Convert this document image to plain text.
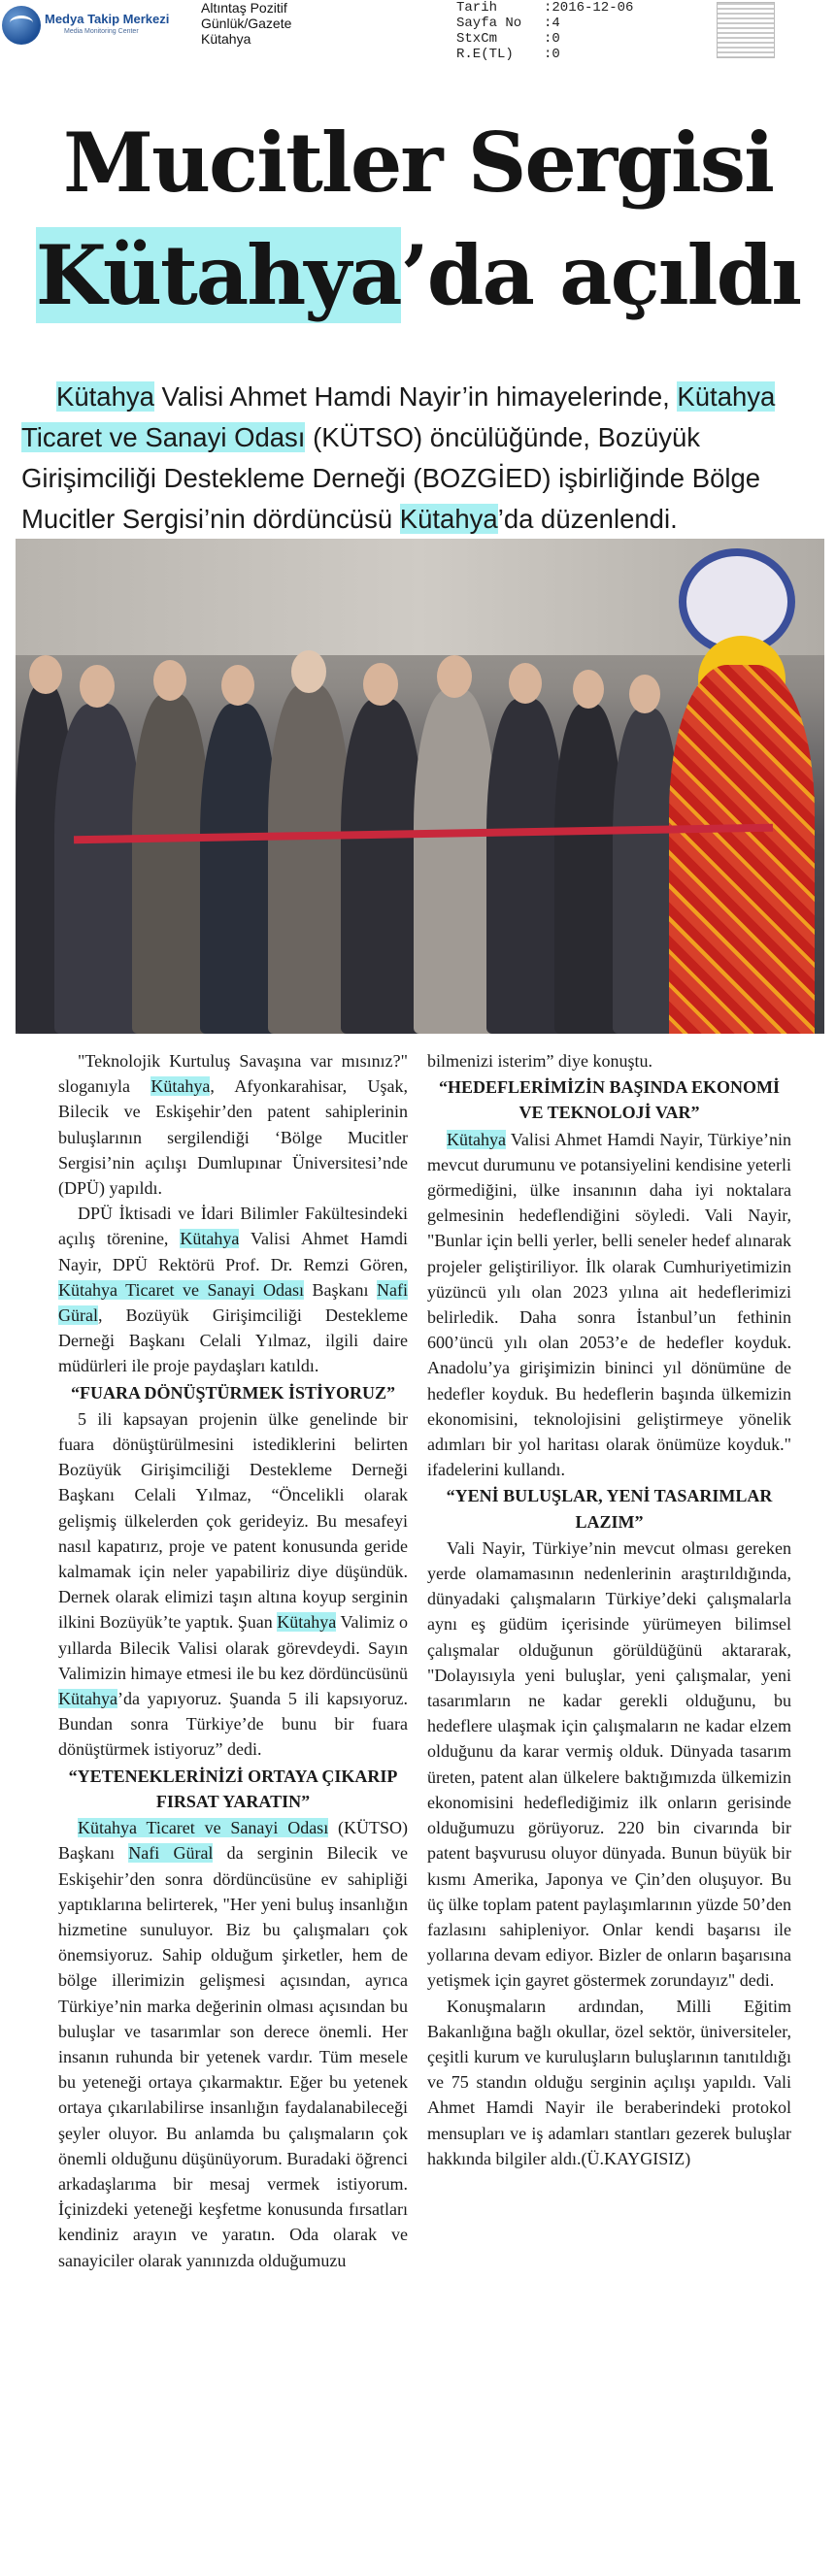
Medya Takip Merkezi
Media Monitoring Center
Altıntaş Pozitif
Günlük/Gazete
Kütahya
Tarih	:2016-12-06
Sayfa No	:4
StxCm	:0
R.E(TL)	:0
Mucitler Sergisi
Kütahya’da açıldı
Kütahya Valisi Ahmet Hamdi Nayir’in himayelerinde, Kütahya Ticaret ve Sanayi Odası (KÜTSO) öncülüğünde, Bozüyük Girişimciliği Destekleme Derneği (BOZGİED) işbirliğinde Bölge Mucitler Sergisi’nin dördüncüsü Kütahya’da düzenlendi.

"Teknolojik Kurtuluş Savaşına var mısınız?" sloganıyla Kütahya, Afyonkarahisar, Uşak, Bilecik ve Eskişehir’den patent sahiplerinin buluşlarının sergilendiği ‘Bölge Mucitler Sergisi’nin açılışı Dumlupınar Üniversitesi’nde (DPÜ) yapıldı.

DPÜ İktisadi ve İdari Bilimler Fakültesindeki açılış törenine, Kütahya Valisi Ahmet Hamdi Nayir, DPÜ Rektörü Prof. Dr. Remzi Gören, Kütahya Ticaret ve Sanayi Odası Başkanı Nafi Güral, Bozüyük Girişimciliği Destekleme Derneği Başkanı Celali Yılmaz, ilgili daire müdürleri ile proje paydaşları katıldı.

“FUARA DÖNÜŞTÜRMEK İSTİYORUZ”

5 ili kapsayan projenin ülke genelinde bir fuara dönüştürülmesini istediklerini belirten Bozüyük Girişimciliği Destekleme Derneği Başkanı Celali Yılmaz, “Öncelikli olarak gelişmiş ülkelerden çok gerideyiz. Bu mesafeyi nasıl kapatırız, proje ve patent konusunda geride kalmamak için neler yapabiliriz diye düşündük. Dernek olarak elimizi taşın altına koyup serginin ilkini Bozüyük’te yaptık. Şuan Kütahya Valimiz o yıllarda Bilecik Valisi olarak görevdeydi. Sayın Valimizin himaye etmesi ile bu kez dördüncüsünü Kütahya’da yapıyoruz. Şuanda 5 ili kapsıyoruz. Bundan sonra Türkiye’de bunu bir fuara dönüştürmek istiyoruz” dedi.

“YETENEKLERİNİZİ ORTAYA ÇIKARIP FIRSAT YARATIN”

Kütahya Ticaret ve Sanayi Odası (KÜTSO) Başkanı Nafi Güral da serginin Bilecik ve Eskişehir’den sonra dördüncüsüne ev sahipliği yaptıklarına belirterek, "Her yeni buluş insanlığın hizmetine sunuluyor. Biz bu çalışmaları çok önemsiyoruz. Sahip olduğum şirketler, hem de bölge illerimizin gelişmesi açısından, ayrıca Türkiye’nin marka değerinin olması açısından bu buluşlar ve tasarımlar son derece önemli. Her insanın ruhunda bir yetenek vardır. Tüm mesele bu yeteneği ortaya çıkarmaktır. Eğer bu yetenek ortaya çıkarılabilirse insanlığın faydalanabileceği şeyler oluyor. Bu anlamda bu çalışmaların çok önemli olduğunu düşünüyorum. Buradaki öğrenci arkadaşlarıma bir mesaj vermek istiyorum. İçinizdeki yeteneği keşfetme konusunda fırsatları kendiniz arayın ve yaratın. Oda olarak ve sanayiciler olarak yanınızda olduğumuzu

bilmenizi isterim” diye konuştu.

“HEDEFLERİMİZİN BAŞINDA EKONOMİ VE TEKNOLOJİ VAR”

Kütahya Valisi Ahmet Hamdi Nayir, Türkiye’nin mevcut durumunu ve potansiyelini kendisine yeterli görmediğini, ülke insanının daha iyi noktalara gelmesinin hedeflendiğini söyledi. Vali Nayir, "Bunlar için belli yerler, belli seneler hedef alınarak projeler geliştiriliyor. İlk olarak Cumhuriyetimizin yüzüncü yılı olan 2023 yılına ait hedeflerimizi belirledik. Daha sonra İstanbul’un fethinin 600’üncü yılı olan 2053’e de hedefler koyduk. Anadolu’ya girişimizin bininci yıl dönümüne de hedefler koyduk. Bu hedeflerin başında ülkemizin ekonomisini, teknolojisini geliştirmeye yönelik adımları bir yol haritası olarak önümüze koyduk." ifadelerini kullandı.

“YENİ BULUŞLAR, YENİ TASARIMLAR LAZIM”

Vali Nayir, Türkiye’nin mevcut olması gereken yerde olamamasının nedenlerinin araştırıldığında, dünyadaki çalışmaların Türkiye’deki çalışmalarla aynı eş güdüm içerisinde yürümeyen bilimsel çalışmalar olduğunun görüldüğünü aktararak, "Dolayısıyla yeni buluşlar, yeni çalışmalar, yeni tasarımların ne kadar gerekli olduğunu, bu hedeflere ulaşmak için çalışmaların ne kadar elzem olduğunu da karar vermiş olduk. Dünyada tasarım üreten, patent alan ülkelere baktığımızda ülkemizin ekonomisini hedeflediğimiz ilk onların gerisinde olduğumuzu görüyoruz. 220 bin civarında bir patent başvurusu oluyor dünyada. Bunun büyük bir kısmı Amerika, Japonya ve Çin’den oluşuyor. Bu üç ülke toplam patent paylaşımlarının yüzde 50’den fazlasını sahipleniyor. Onlar kendi başarısı ile yollarına devam ediyor. Bizler de onların başarısına yetişmek için gayret göstermek zorundayız" dedi.

Konuşmaların ardından, Milli Eğitim Bakanlığına bağlı okullar, özel sektör, üniversiteler, çeşitli kurum ve kuruluşların buluşlarının tanıtıldığı ve 75 standın olduğu serginin açılışı yapıldı. Vali Ahmet Hamdi Nayir ile beraberindeki protokol mensupları ve iş adamları stantları gezerek buluşlar hakkında bilgiler aldı.(Ü.KAYGISIZ)
